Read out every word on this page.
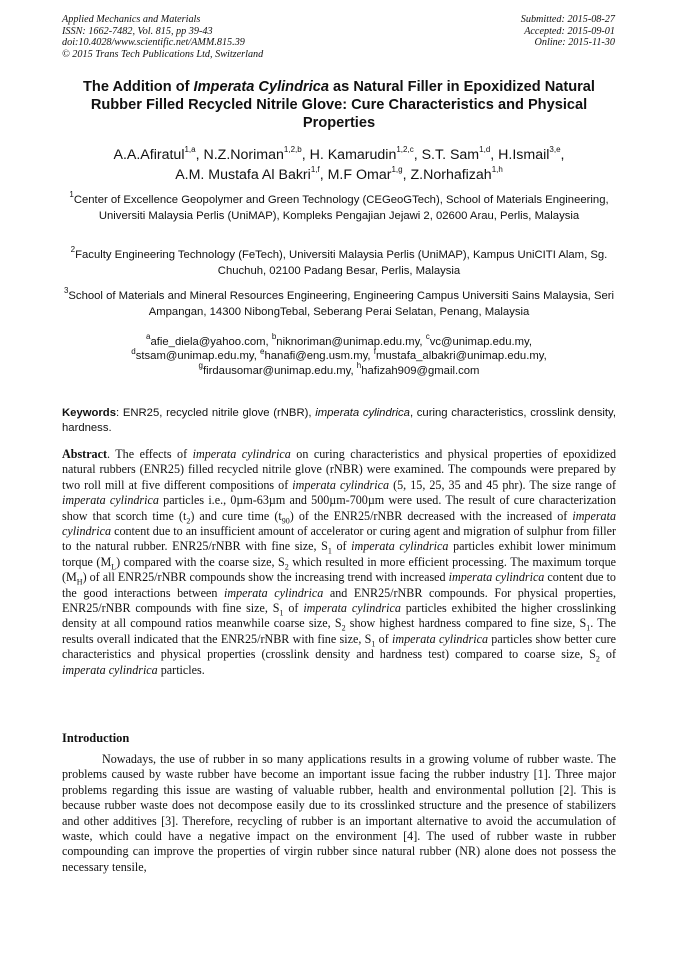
Applied Mechanics and Materials
ISSN: 1662-7482, Vol. 815, pp 39-43
doi:10.4028/www.scientific.net/AMM.815.39
© 2015 Trans Tech Publications Ltd, Switzerland
Submitted: 2015-08-27
Accepted: 2015-09-01
Online: 2015-11-30
The Addition of Imperata Cylindrica as Natural Filler in Epoxidized Natural Rubber Filled Recycled Nitrile Glove: Cure Characteristics and Physical Properties
A.A.Afiratul$^{1,a}$, N.Z.Noriman$^{1,2,b}$, H. Kamarudin$^{1,2,c}$, S.T. Sam$^{1,d}$, H.Ismail$^{3,e}$,
A.M. Mustafa Al Bakri$^{1,f}$, M.F Omar$^{1,g}$, Z.Norhafizah$^{1,h}$
$^1$Center of Excellence Geopolymer and Green Technology (CEGeoGTech), School of Materials Engineering, Universiti Malaysia Perlis (UniMAP), Kompleks Pengajian Jejawi 2, 02600 Arau, Perlis, Malaysia
$^2$Faculty Engineering Technology (FeTech), Universiti Malaysia Perlis (UniMAP), Kampus UniCITI Alam, Sg. Chuchuh, 02100 Padang Besar, Perlis, Malaysia
$^3$School of Materials and Mineral Resources Engineering, Engineering Campus Universiti Sains Malaysia, Seri Ampangan, 14300 NibongTebal, Seberang Perai Selatan, Penang, Malaysia
$^a$afie_diela@yahoo.com, $^b$niknoriman@unimap.edu.my, $^c$vc@unimap.edu.my,
$^d$stsam@unimap.edu.my, $^e$hanafi@eng.usm.my, $^f$mustafa_albakri@unimap.edu.my,
$^g$firdausomar@unimap.edu.my, $^h$hafizah909@gmail.com
Keywords: ENR25, recycled nitrile glove (rNBR), imperata cylindrica, curing characteristics, crosslink density, hardness.
Abstract. The effects of imperata cylindrica on curing characteristics and physical properties of epoxidized natural rubbers (ENR25) filled recycled nitrile glove (rNBR) were examined. The compounds were prepared by two roll mill at five different compositions of imperata cylindrica (5, 15, 25, 35 and 45 phr). The size range of imperata cylindrica particles i.e., 0µm-63µm and 500µm-700µm were used. The result of cure characterization show that scorch time $(t_2)$ and cure time $(t_{90})$ of the ENR25/rNBR decreased with the increased of imperata cylindrica content due to an insufficient amount of accelerator or curing agent and migration of sulphur from filler to the natural rubber. ENR25/rNBR with fine size, $S_1$ of imperata cylindrica particles exhibit lower minimum torque $(M_L)$ compared with the coarse size, $S_2$ which resulted in more efficient processing. The maximum torque $(M_H)$ of all ENR25/rNBR compounds show the increasing trend with increased imperata cylindrica content due to the good interactions between imperata cylindrica and ENR25/rNBR compounds. For physical properties, ENR25/rNBR compounds with fine size, $S_1$ of imperata cylindrica particles exhibited the higher crosslinking density at all compound ratios meanwhile coarse size, $S_2$ show highest hardness compared to fine size, $S_1$. The results overall indicated that the ENR25/rNBR with fine size, $S_1$ of imperata cylindrica particles show better cure characteristics and physical properties (crosslink density and hardness test) compared to coarse size, $S_2$ of imperata cylindrica particles.
Introduction
Nowadays, the use of rubber in so many applications results in a growing volume of rubber waste. The problems caused by waste rubber have become an important issue facing the rubber industry [1]. Three major problems regarding this issue are wasting of valuable rubber, health and environmental pollution [2]. This is because rubber waste does not decompose easily due to its crosslinked structure and the presence of stabilizers and other additives [3]. Therefore, recycling of rubber is an important alternative to avoid the accumulation of waste, which could have a negative impact on the environment [4]. The used of rubber waste in rubber compounding can improve the properties of virgin rubber since natural rubber (NR) alone does not possess the necessary tensile,
